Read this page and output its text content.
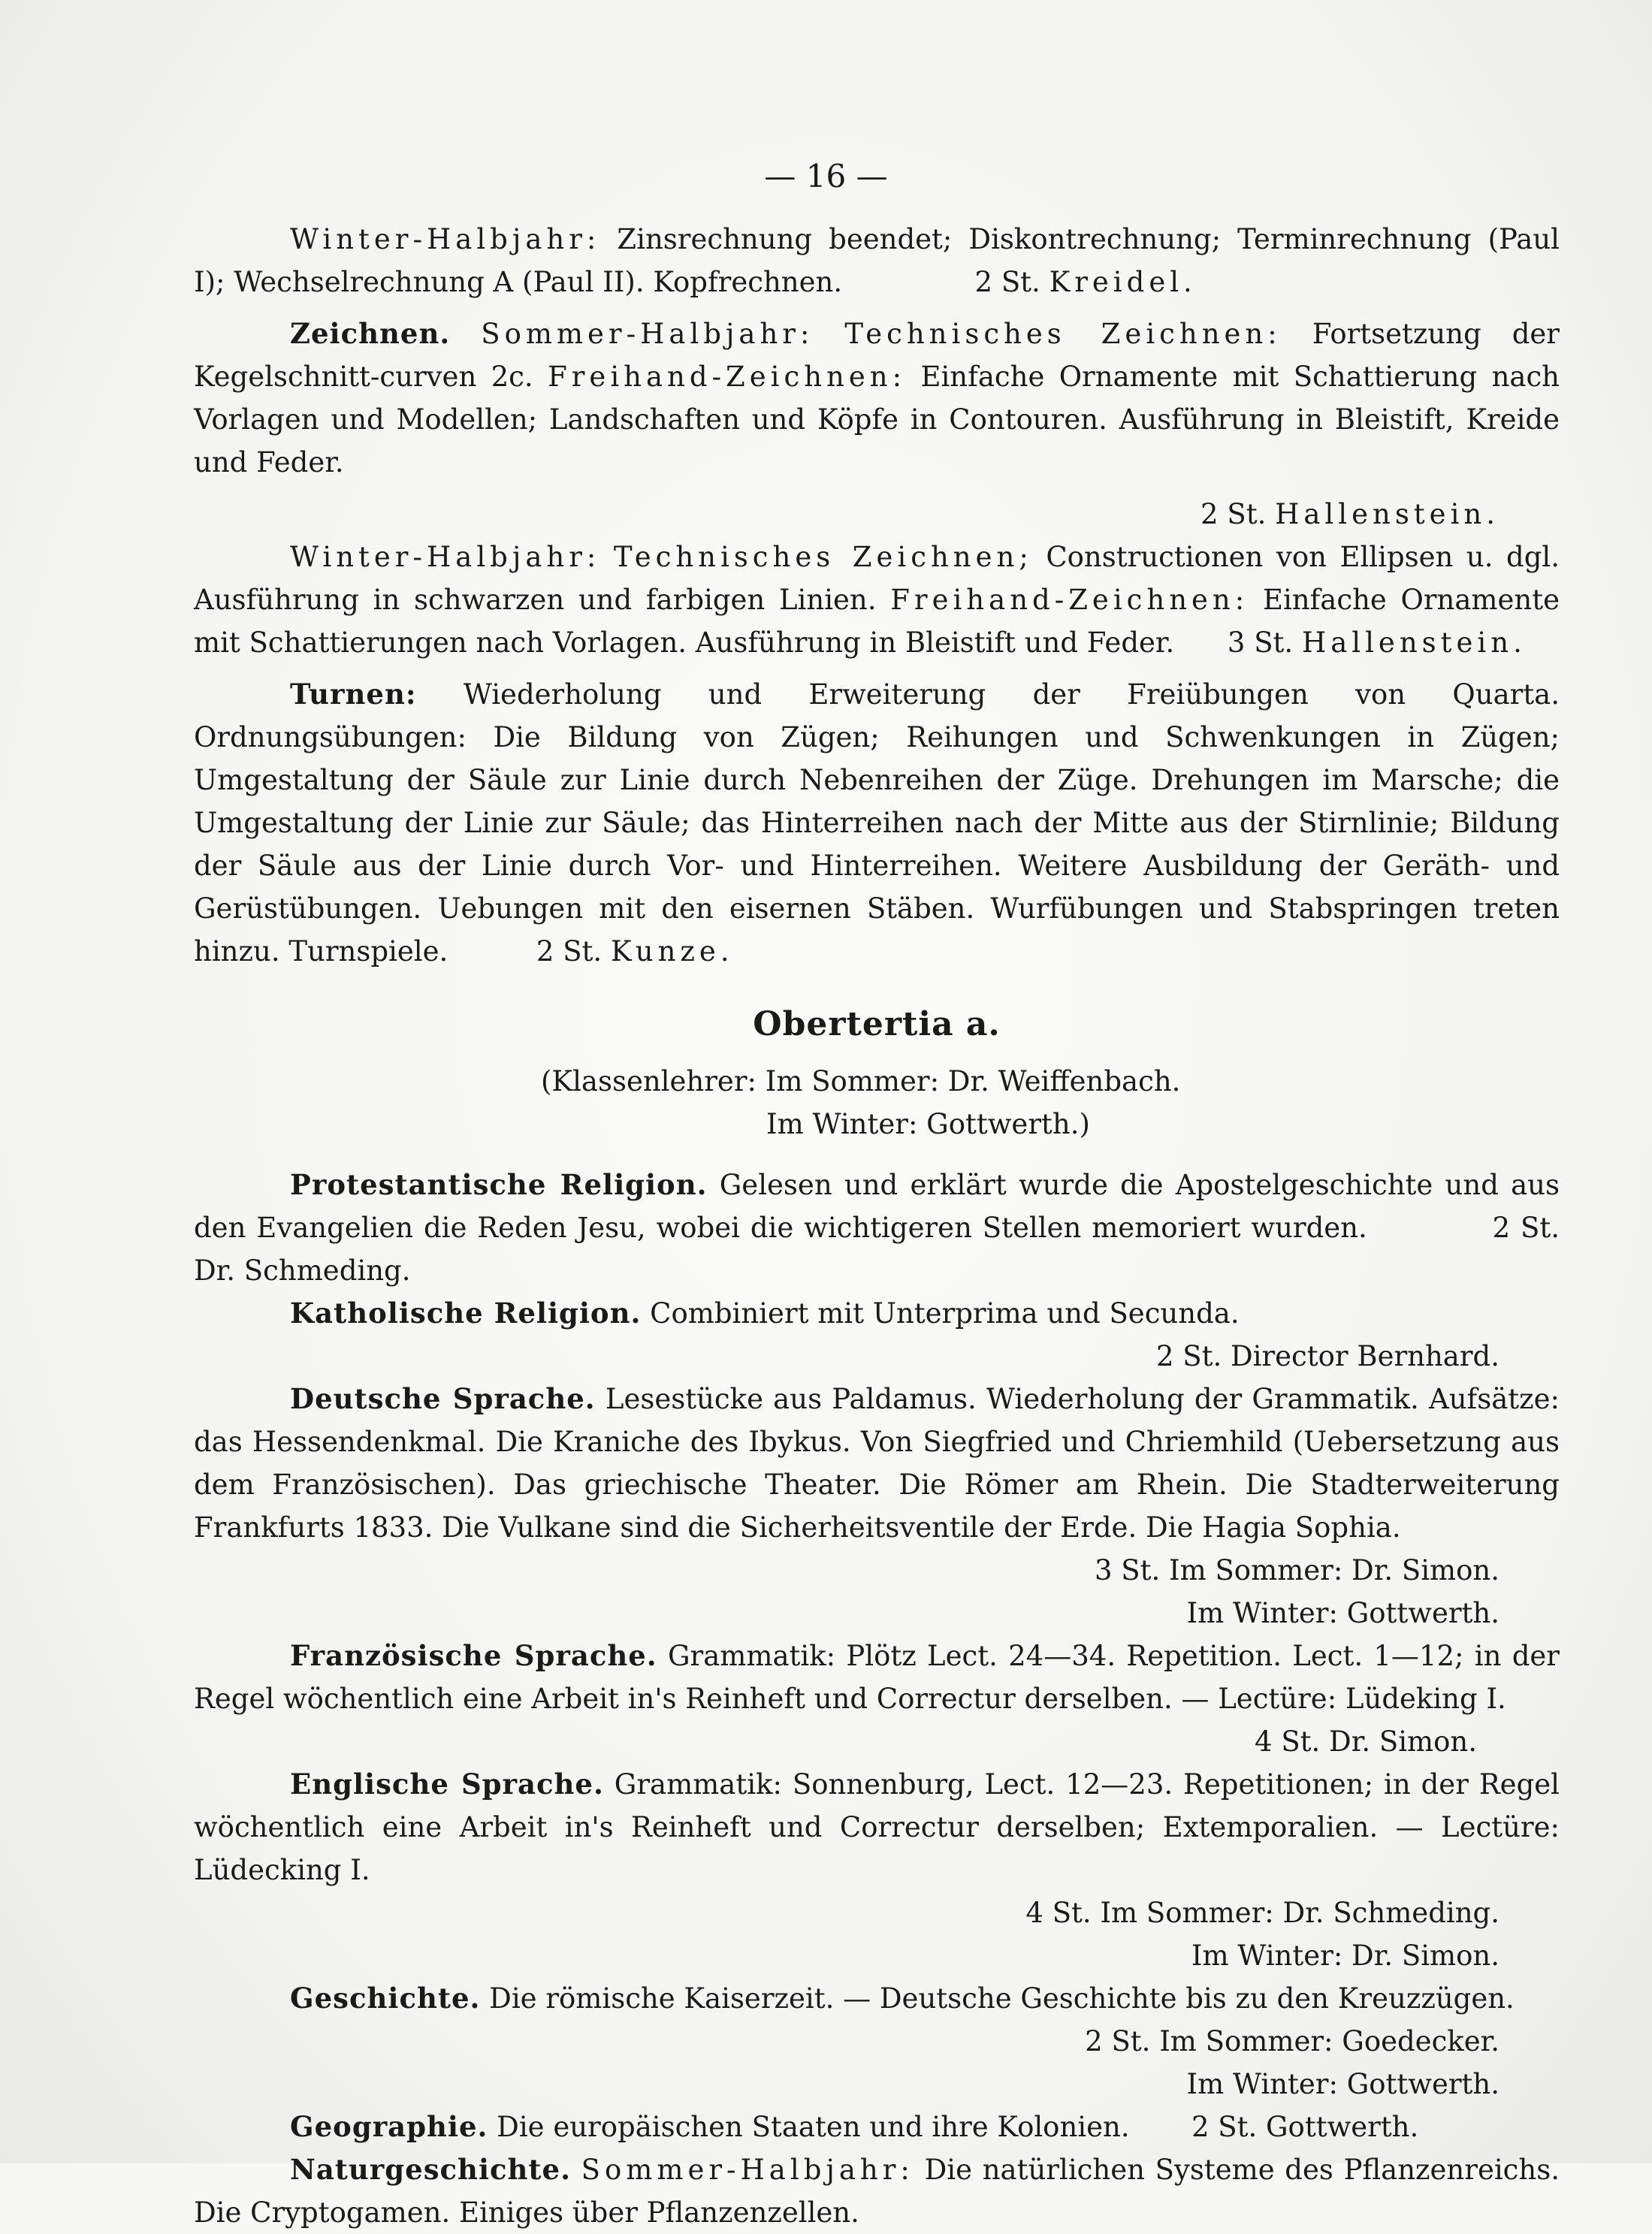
— 16 —

Winter-Halbjahr: Zinsrechnung beendet; Diskontrechnung; Terminrechnung (Paul I); Wechselrechnung A (Paul II). Kopfrechnen.	2 St. Kreidel.

Zeichnen. Sommer-Halbjahr: Technisches Zeichnen: Fortsetzung der Kegelschnitt-curven 2c. Freihand-Zeichnen: Einfache Ornamente mit Schattierung nach Vorlagen und Modellen; Landschaften und Köpfe in Contouren. Ausführung in Bleistift, Kreide und Feder.

2 St. Hallenstein.

Winter-Halbjahr: Technisches Zeichnen; Constructionen von Ellipsen u. dgl. Ausführung in schwarzen und farbigen Linien. Freihand-Zeichnen: Einfache Ornamente mit Schattierungen nach Vorlagen. Ausführung in Bleistift und Feder. 3 St. Hallenstein.

Turnen: Wiederholung und Erweiterung der Freiübungen von Quarta. Ordnungsübungen: Die Bildung von Zügen; Reihungen und Schwenkungen in Zügen; Umgestaltung der Säule zur Linie durch Nebenreihen der Züge. Drehungen im Marsche; die Umgestaltung der Linie zur Säule; das Hinterreihen nach der Mitte aus der Stirnlinie; Bildung der Säule aus der Linie durch Vor- und Hinterreihen. Weitere Ausbildung der Geräth- und Gerüstübungen. Uebungen mit den eisernen Stäben. Wurfübungen und Stabspringen treten hinzu. Turnspiele.	2 St. Kunze.

Obertertia a.

(Klassenlehrer: Im Sommer: Dr. Weiffenbach.

Im Winter: Gottwerth.)

Protestantische Religion. Gelesen und erklärt wurde die Apostelgeschichte und aus den Evangelien die Reden Jesu, wobei die wichtigeren Stellen memoriert wurden.	2 St. Dr. Schmeding.

Katholische Religion. Combiniert mit Unterprima und Secunda.

2 St. Director Bernhard.

Deutsche Sprache. Lesestücke aus Paldamus. Wiederholung der Grammatik. Aufsätze: das Hessendenkmal. Die Kraniche des Ibykus. Von Siegfried und Chriemhild (Uebersetzung aus dem Französischen). Das griechische Theater. Die Römer am Rhein. Die Stadterweiterung Frankfurts 1833. Die Vulkane sind die Sicherheitsventile der Erde. Die Hagia Sophia.

3 St. Im Sommer: Dr. Simon.

Im Winter: Gottwerth.

Französische Sprache. Grammatik: Plötz Lect. 24—34. Repetition. Lect. 1—12; in der Regel wöchentlich eine Arbeit in's Reinheft und Correctur derselben. — Lectüre: Lüdeking I.

4 St. Dr. Simon.

Englische Sprache. Grammatik: Sonnenburg, Lect. 12—23. Repetitionen; in der Regel wöchentlich eine Arbeit in's Reinheft und Correctur derselben; Extemporalien. — Lectüre: Lüdecking I.

4 St. Im Sommer: Dr. Schmeding.

Im Winter: Dr. Simon.

Geschichte. Die römische Kaiserzeit. — Deutsche Geschichte bis zu den Kreuzzügen.

2 St. Im Sommer: Goedecker.

Im Winter: Gottwerth.

Geographie. Die europäischen Staaten und ihre Kolonien. 2 St. Gottwerth.

Naturgeschichte. Sommer-Halbjahr: Die natürlichen Systeme des Pflanzenreichs. Die Cryptogamen. Einiges über Pflanzenzellen.
